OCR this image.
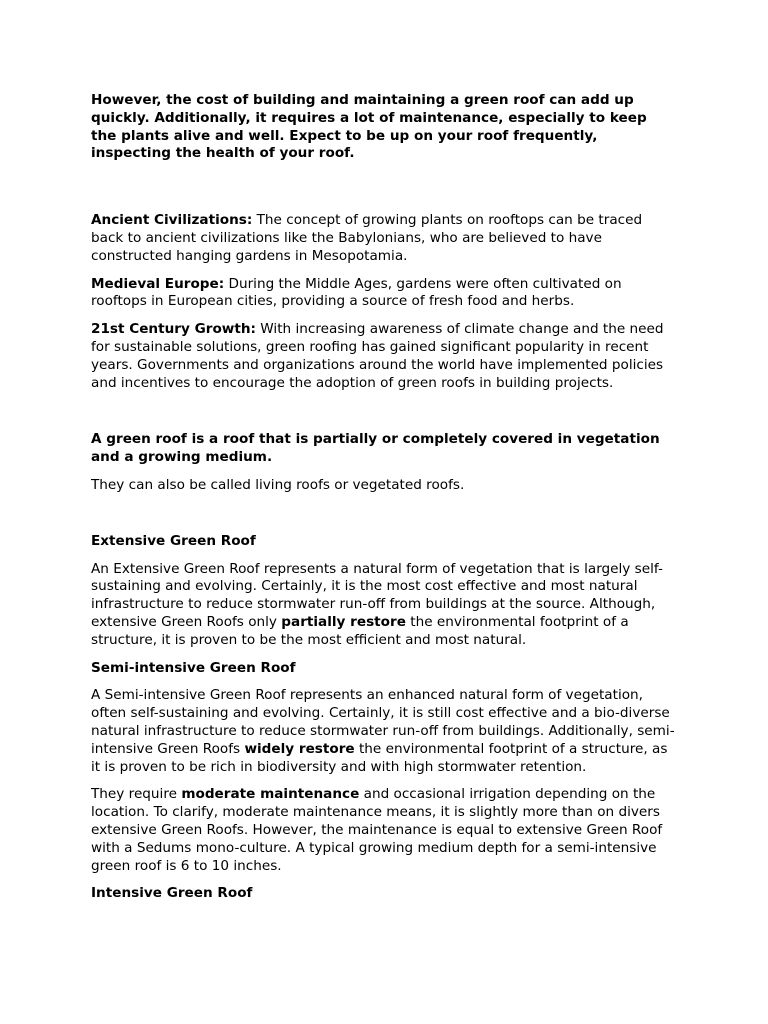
However, the cost of building and maintaining a green roof can add up quickly. Additionally, it requires a lot of maintenance, especially to keep the plants alive and well. Expect to be up on your roof frequently, inspecting the health of your roof.

Ancient Civilizations: The concept of growing plants on rooftops can be traced back to ancient civilizations like the Babylonians, who are believed to have constructed hanging gardens in Mesopotamia.

Medieval Europe: During the Middle Ages, gardens were often cultivated on rooftops in European cities, providing a source of fresh food and herbs.

21st Century Growth: With increasing awareness of climate change and the need for sustainable solutions, green roofing has gained significant popularity in recent years. Governments and organizations around the world have implemented policies and incentives to encourage the adoption of green roofs in building projects.

A green roof is a roof that is partially or completely covered in vegetation and a growing medium.

They can also be called living roofs or vegetated roofs.

Extensive Green Roof

An Extensive Green Roof represents a natural form of vegetation that is largely self-sustaining and evolving. Certainly, it is the most cost effective and most natural infrastructure to reduce stormwater run-off from buildings at the source. Although, extensive Green Roofs only partially restore the environmental footprint of a structure, it is proven to be the most efficient and most natural.

Semi-intensive Green Roof

A Semi-intensive Green Roof represents an enhanced natural form of vegetation, often self-sustaining and evolving. Certainly, it is still cost effective and a bio-diverse natural infrastructure to reduce stormwater run-off from buildings. Additionally, semi-intensive Green Roofs widely restore the environmental footprint of a structure, as it is proven to be rich in biodiversity and with high stormwater retention.

They require moderate maintenance and occasional irrigation depending on the location. To clarify, moderate maintenance means, it is slightly more than on divers extensive Green Roofs. However, the maintenance is equal to extensive Green Roof with a Sedums mono-culture. A typical growing medium depth for a semi-intensive green roof is 6 to 10 inches.

Intensive Green Roof
